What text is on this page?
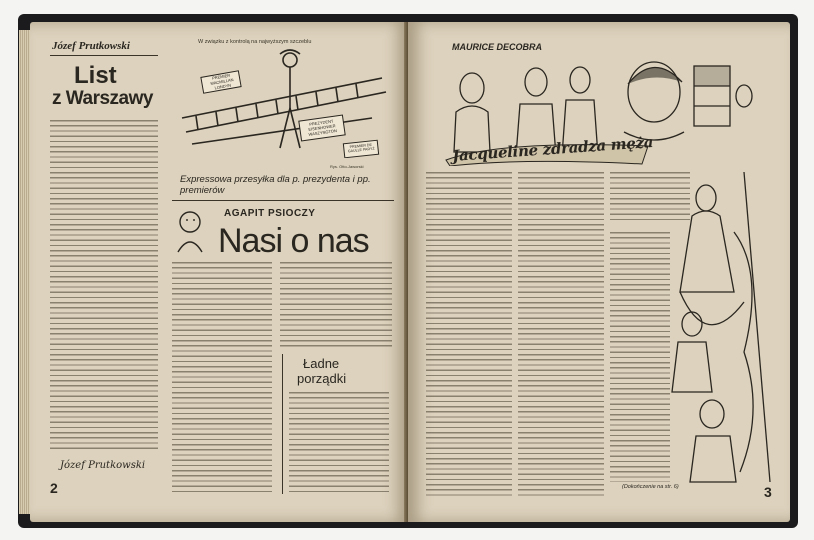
Józef Prutkowski
List
z Warszawy
Józef Prutkowski
2
W związku z kontrolą na najwyższym szczeblu
PREMIER MACMILLAN LONDYN
PREZYDENT EISENHOWER WASZYNGTON
PREMIER DE GAULLE PARYŻ
Rys. Otto-Jaworski
Expressowa przesyłka dla p. prezydenta i pp. premierów
AGAPIT PSIOCZY
Nasi o nas
Ładne
porządki
MAURICE DECOBRA
Jacqueline zdradza męża
(Dokończenie na str. 6)	3
